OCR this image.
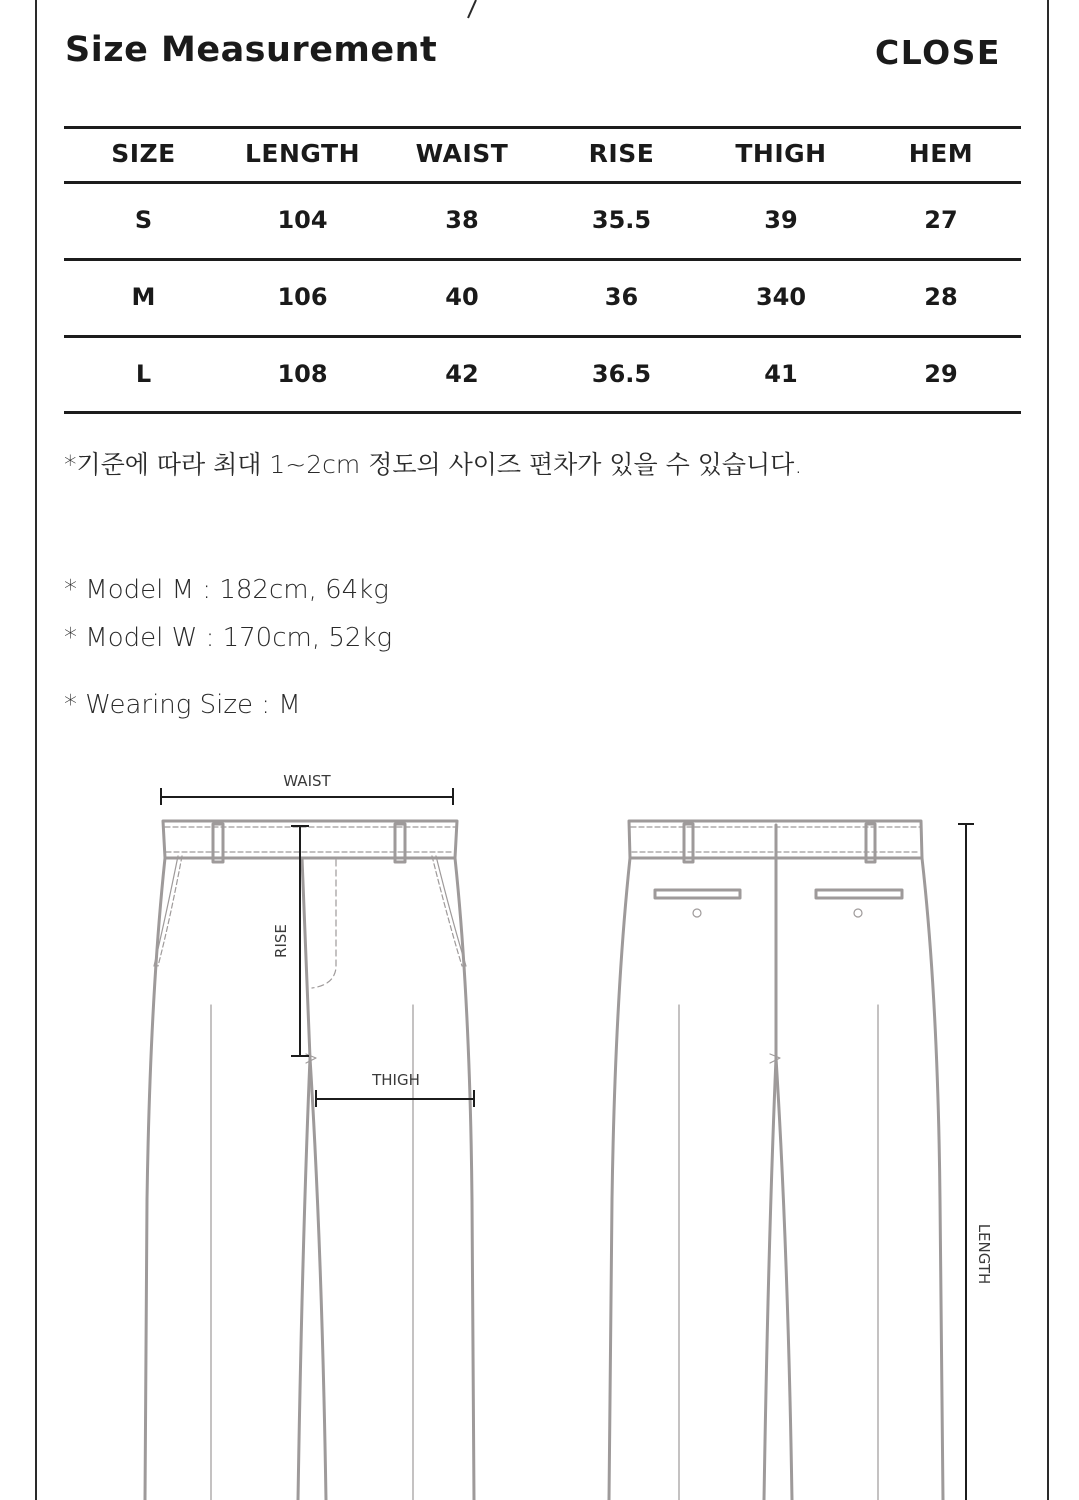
Size Measurement	CLOSE
SIZE	LENGTH	WAIST	RISE	THIGH	HEM
S	104	38	35.5	39	27
M	106	40	36	340	28
L	108	42	36.5	41	29
*기준에 따라 최대 1~2cm 정도의 사이즈 편차가 있을 수 있습니다.
* Model M : 182cm, 64kg
* Model W : 170cm, 52kg
* Wearing Size : M
WAIST
RISE
THIGH
LENGTH
